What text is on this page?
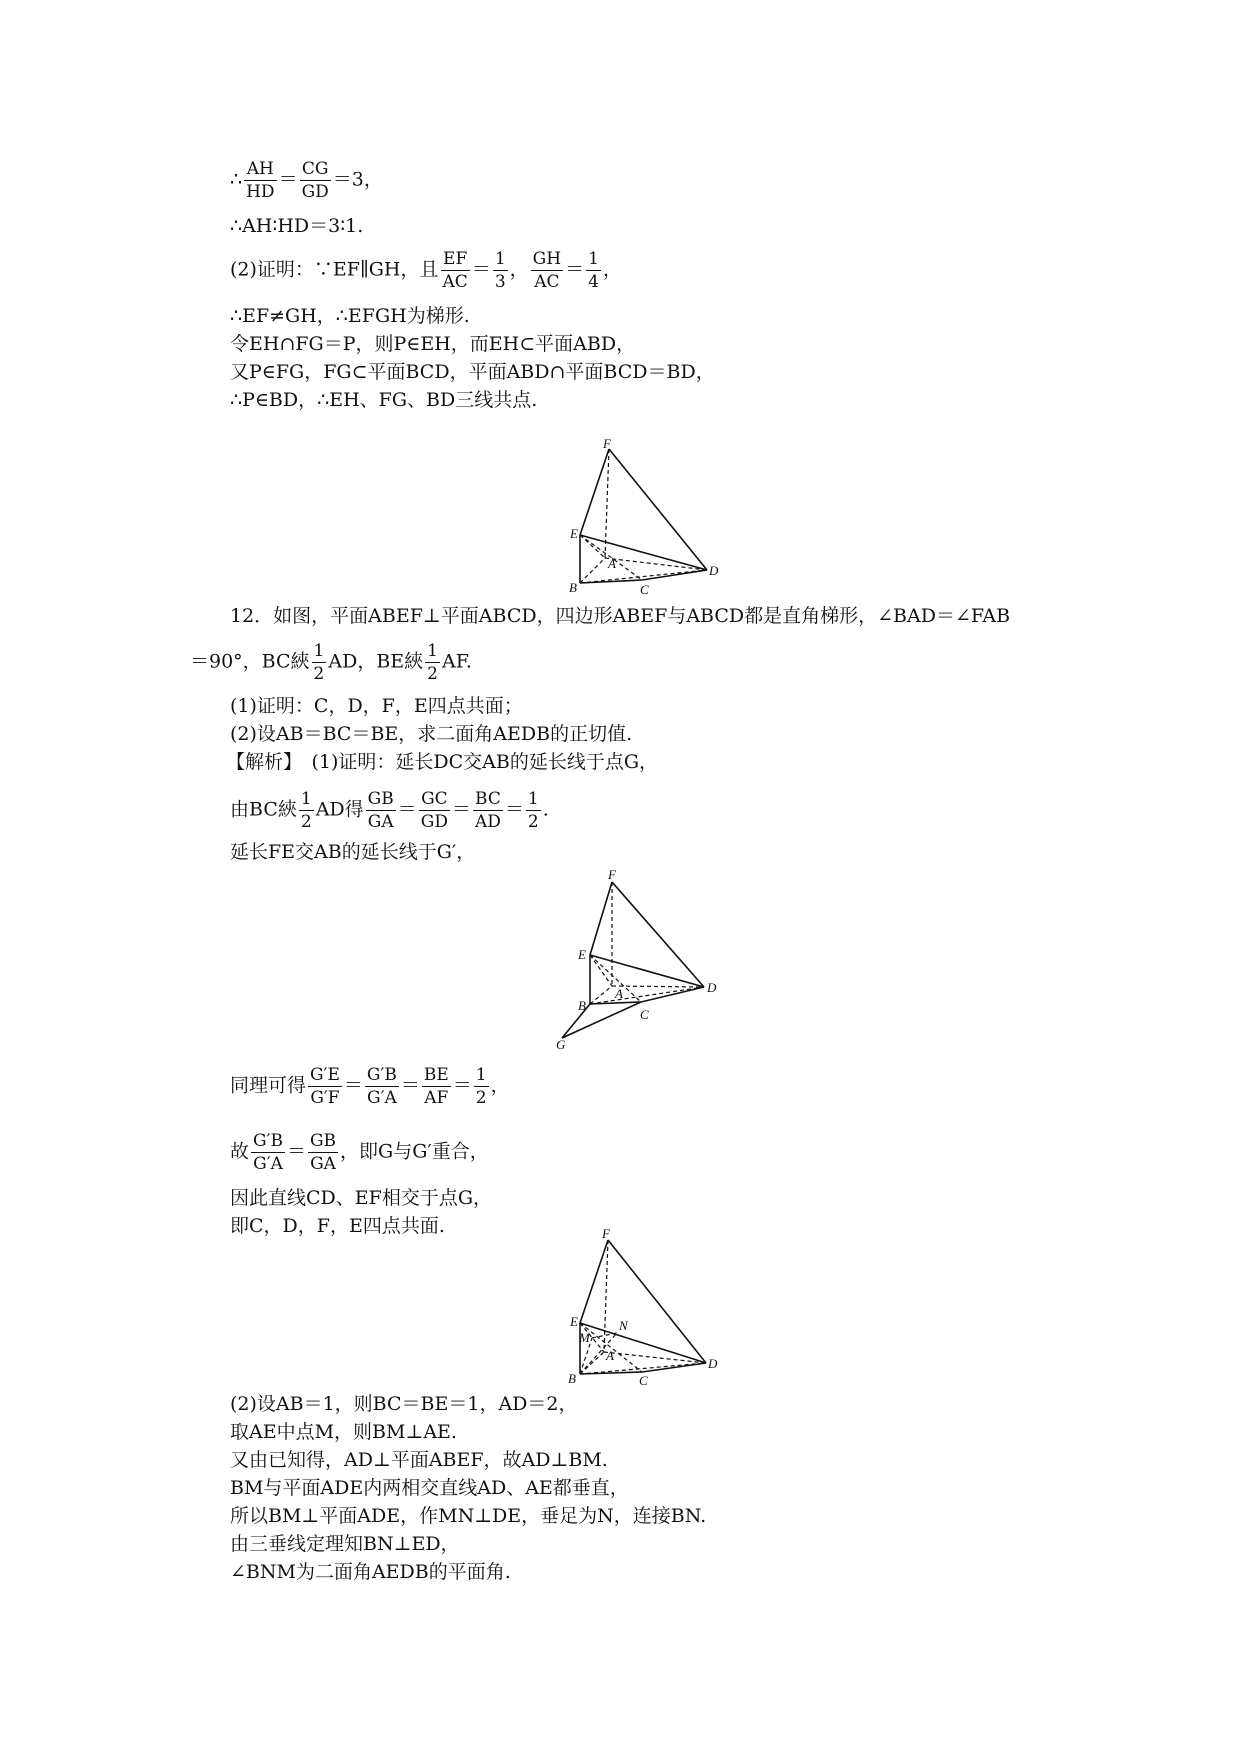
∴ $\frac{AH}{HD} = \frac{CG}{GD} =3$，
∴AH∶HD＝3∶1.
(2)证明：∵EF∥GH，且 $\frac{EF}{AC} = \frac{1}{3}$ ， $\frac{GH}{AC} = \frac{1}{4}$ ，
∴EF≠GH，∴EFGH为梯形.
令EH∩FG＝P，则P∈EH，而EH⊂平面ABD，
又P∈FG，FG⊂平面BCD，平面ABD∩平面BCD＝BD，
∴P∈BD，∴EH、FG、BD三线共点.
F
E
B
A
C
D
12．如图，平面ABEF⊥平面ABCD，四边形ABEF与ABCD都是直角梯形，∠BAD＝∠FAB
＝90°，BC綊 $\frac{1}{2}$ AD，BE綊 $\frac{1}{2}$ AF.
(1)证明：C，D，F，E四点共面；
(2)设AB＝BC＝BE，求二面角AEDB的正切值.
【解析】　(1)证明：延长DC交AB的延长线于点G，
由BC綊 $\frac{1}{2}$ AD得 $\frac{GB}{GA} = \frac{GC}{GD} = \frac{BC}{AD} = \frac{1}{2}$ .
延长FE交AB的延长线于G′，
F
E
B
A
C
D
G
同理可得 $\frac{G'E}{G'F} = \frac{G'B}{G'A} = \frac{BE}{AF} = \frac{1}{2}$ ，
故 $\frac{G'B}{G'A} = \frac{GB}{GA}$ ，即G与G′重合，
因此直线CD、EF相交于点G，
即C，D，F，E四点共面.	F
E
M
N
A
B	C
D
(2)设AB＝1，则BC＝BE＝1，AD＝2，
取AE中点M，则BM⊥AE.
又由已知得，AD⊥平面ABEF，故AD⊥BM.
BM与平面ADE内两相交直线AD、AE都垂直，
所以BM⊥平面ADE，作MN⊥DE，垂足为N，连接BN.
由三垂线定理知BN⊥ED，
∠BNM为二面角AEDB的平面角.
